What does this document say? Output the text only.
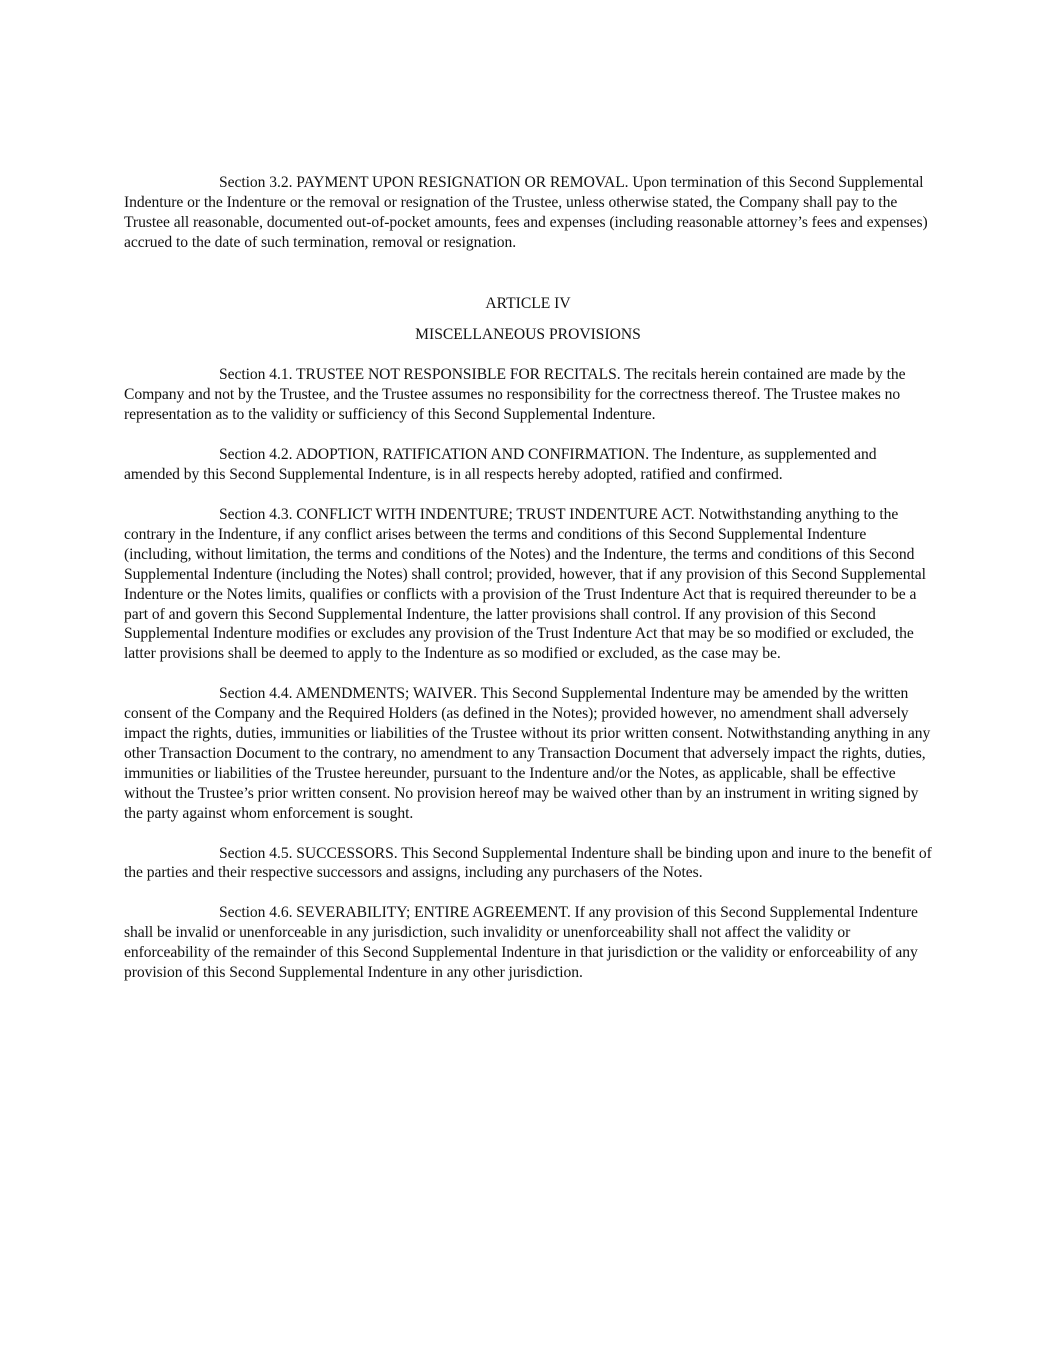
Section 3.2. PAYMENT UPON RESIGNATION OR REMOVAL. Upon termination of this Second Supplemental Indenture or the Indenture or the removal or resignation of the Trustee, unless otherwise stated, the Company shall pay to the Trustee all reasonable, documented out-of-pocket amounts, fees and expenses (including reasonable attorney’s fees and expenses) accrued to the date of such termination, removal or resignation.

ARTICLE IV

MISCELLANEOUS PROVISIONS

Section 4.1. TRUSTEE NOT RESPONSIBLE FOR RECITALS. The recitals herein contained are made by the Company and not by the Trustee, and the Trustee assumes no responsibility for the correctness thereof. The Trustee makes no representation as to the validity or sufficiency of this Second Supplemental Indenture.

Section 4.2. ADOPTION, RATIFICATION AND CONFIRMATION. The Indenture, as supplemented and amended by this Second Supplemental Indenture, is in all respects hereby adopted, ratified and confirmed.

Section 4.3. CONFLICT WITH INDENTURE; TRUST INDENTURE ACT. Notwithstanding anything to the contrary in the Indenture, if any conflict arises between the terms and conditions of this Second Supplemental Indenture (including, without limitation, the terms and conditions of the Notes) and the Indenture, the terms and conditions of this Second Supplemental Indenture (including the Notes) shall control; provided, however, that if any provision of this Second Supplemental Indenture or the Notes limits, qualifies or conflicts with a provision of the Trust Indenture Act that is required thereunder to be a part of and govern this Second Supplemental Indenture, the latter provisions shall control. If any provision of this Second Supplemental Indenture modifies or excludes any provision of the Trust Indenture Act that may be so modified or excluded, the latter provisions shall be deemed to apply to the Indenture as so modified or excluded, as the case may be.

Section 4.4. AMENDMENTS; WAIVER. This Second Supplemental Indenture may be amended by the written consent of the Company and the Required Holders (as defined in the Notes); provided however, no amendment shall adversely impact the rights, duties, immunities or liabilities of the Trustee without its prior written consent. Notwithstanding anything in any other Transaction Document to the contrary, no amendment to any Transaction Document that adversely impact the rights, duties, immunities or liabilities of the Trustee hereunder, pursuant to the Indenture and/or the Notes, as applicable, shall be effective without the Trustee’s prior written consent. No provision hereof may be waived other than by an instrument in writing signed by the party against whom enforcement is sought.

Section 4.5. SUCCESSORS. This Second Supplemental Indenture shall be binding upon and inure to the benefit of the parties and their respective successors and assigns, including any purchasers of the Notes.

Section 4.6. SEVERABILITY; ENTIRE AGREEMENT. If any provision of this Second Supplemental Indenture shall be invalid or unenforceable in any jurisdiction, such invalidity or unenforceability shall not affect the validity or enforceability of the remainder of this Second Supplemental Indenture in that jurisdiction or the validity or enforceability of any provision of this Second Supplemental Indenture in any other jurisdiction.
